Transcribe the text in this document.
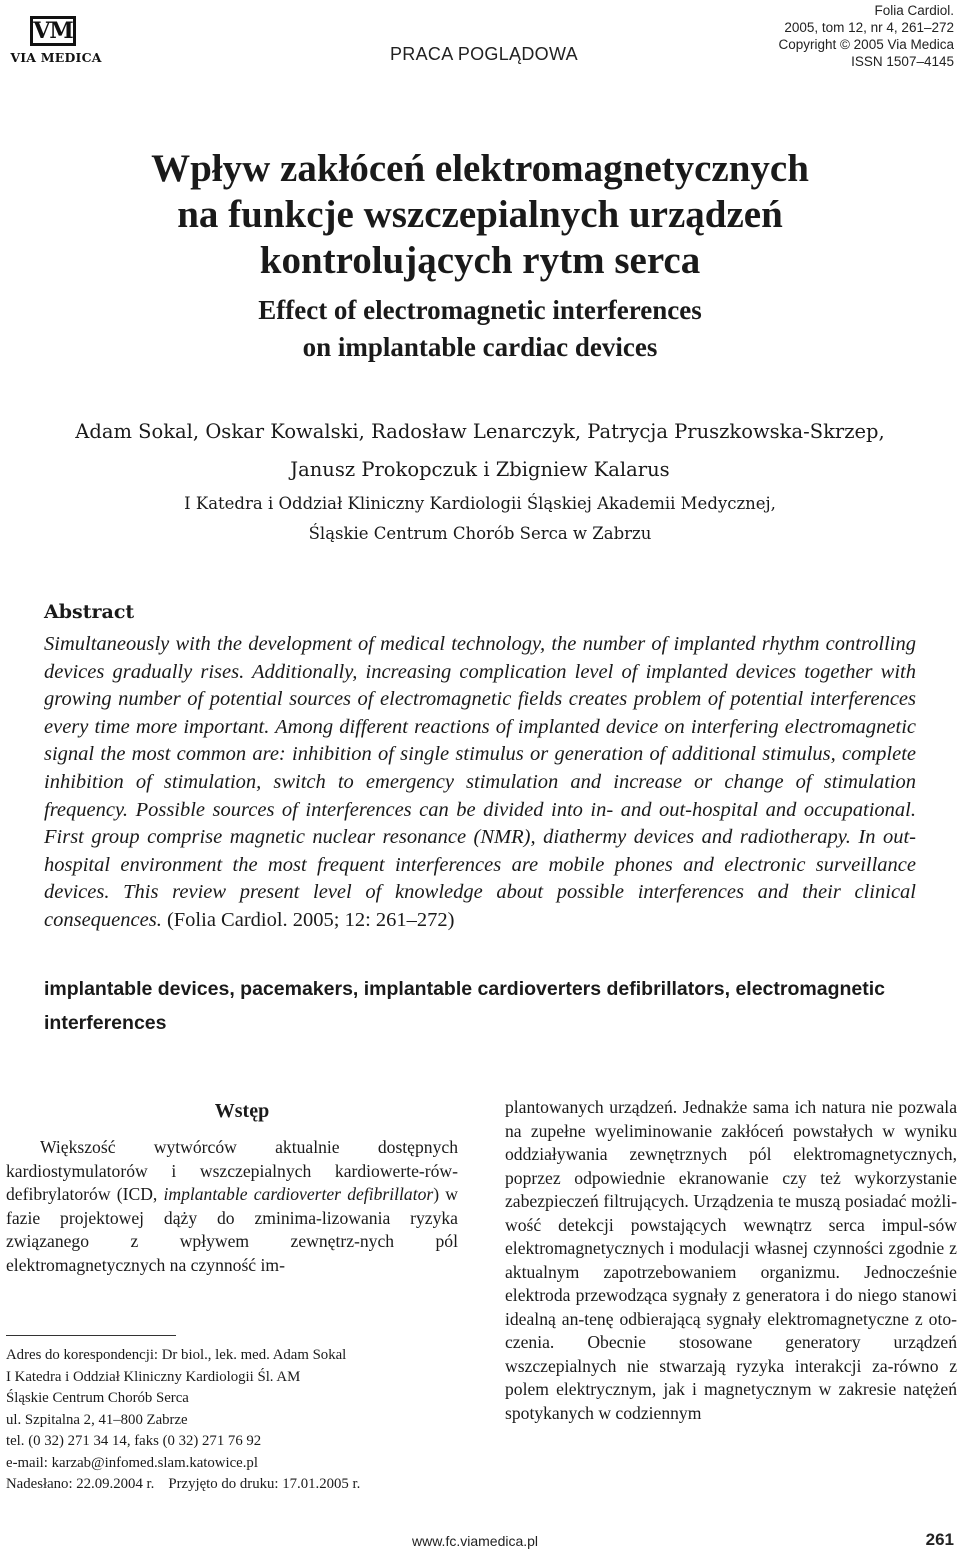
VM
VIA MEDICA	PRACA POGLĄDOWA
Folia Cardiol.
2005, tom 12, nr 4, 261–272
Copyright © 2005 Via Medica
ISSN 1507–4145
Wpływ zakłóceń elektromagnetycznych
na funkcje wszczepialnych urządzeń
kontrolujących rytm serca
Effect of electromagnetic interferences
on implantable cardiac devices
Adam Sokal, Oskar Kowalski, Radosław Lenarczyk, Patrycja Pruszkowska-Skrzep,
Janusz Prokopczuk i Zbigniew Kalarus
I Katedra i Oddział Kliniczny Kardiologii Śląskiej Akademii Medycznej,
Śląskie Centrum Chorób Serca w Zabrzu
Abstract
Simultaneously with the development of medical technology, the number of implanted rhythm controlling devices gradually rises. Additionally, increasing complication level of implanted devices together with growing number of potential sources of electromagnetic fields creates problem of potential interferences every time more important. Among different reactions of implanted device on interfering electromagnetic signal the most common are: inhibition of single stimulus or generation of additional stimulus, complete inhibition of stimulation, switch to emergency stimulation and increase or change of stimulation frequency. Possible sources of interferences can be divided into in- and out-hospital and occupational. First group comprise magnetic nuclear resonance (NMR), diathermy devices and radiotherapy. In out-hospital environment the most frequent interferences are mobile phones and electronic surveillance devices. This review present level of knowledge about possible interferences and their clinical consequences. (Folia Cardiol. 2005; 12: 261–272)
implantable devices, pacemakers, implantable cardioverters defibrillators, electromagnetic interferences
Wstęp
Większość wytwórców aktualnie dostępnych kardiostymulatorów i wszczepialnych kardiowerte-rów-defibrylatorów (ICD, implantable cardioverter defibrillator) w fazie projektowej dąży do zminima-lizowania ryzyka związanego z wpływem zewnętrz-nych pól elektromagnetycznych na czynność im-
Adres do korespondencji: Dr biol., lek. med. Adam Sokal
I Katedra i Oddział Kliniczny Kardiologii Śl. AM
Śląskie Centrum Chorób Serca
ul. Szpitalna 2, 41–800 Zabrze
tel. (0 32) 271 34 14, faks (0 32) 271 76 92
e-mail: karzab@infomed.slam.katowice.pl
Nadesłano: 22.09.2004 r. Przyjęto do druku: 17.01.2005 r.
plantowanych urządzeń. Jednakże sama ich natura nie pozwala na zupełne wyeliminowanie zakłóceń powstałych w wyniku oddziaływania zewnętrznych pól elektromagnetycznych, poprzez odpowiednie ekranowanie czy też wykorzystanie zabezpieczeń filtrujących. Urządzenia te muszą posiadać możli-wość detekcji powstających wewnątrz serca impul-sów elektromagnetycznych i modulacji własnej czynności zgodnie z aktualnym zapotrzebowaniem organizmu. Jednocześnie elektroda przewodząca sygnały z generatora i do niego stanowi idealną an-tenę odbierającą sygnały elektromagnetyczne z oto-czenia. Obecnie stosowane generatory urządzeń wszczepialnych nie stwarzają ryzyka interakcji za-równo z polem elektrycznym, jak i magnetycznym w zakresie natężeń spotykanych w codziennym
www.fc.viamedica.pl	261
